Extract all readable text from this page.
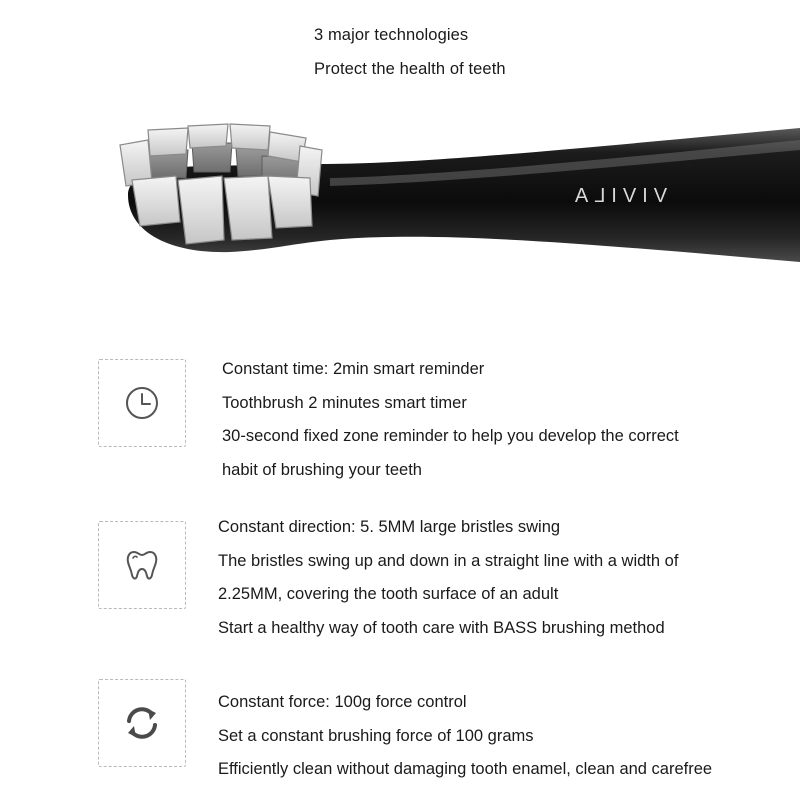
3 major technologies
Protect the health of teeth
VIVILA
Constant time: 2min smart reminder
Toothbrush 2 minutes smart timer
30-second fixed zone reminder to help you develop the correct
habit of brushing your teeth
Constant direction: 5. 5MM large bristles swing
The bristles swing up and down in a straight line with a width of
2.25MM, covering the tooth surface of an adult
Start a healthy way of tooth care with BASS brushing method
Constant force: 100g force control
Set a constant brushing force of 100 grams
Efficiently clean without damaging tooth enamel, clean and carefree
